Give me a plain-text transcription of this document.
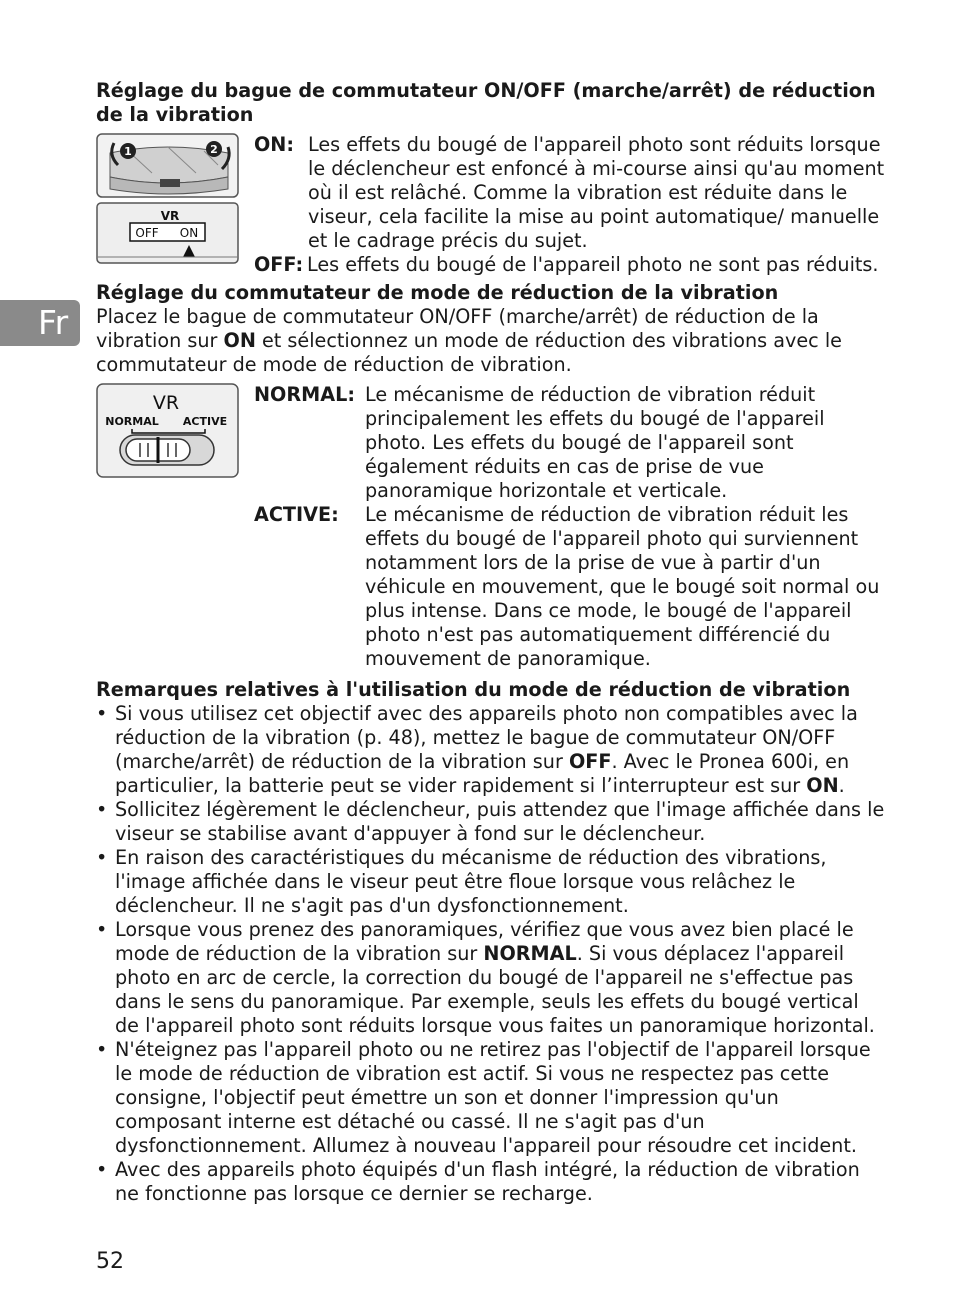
Fr

Réglage du bague de commutateur ON/OFF (marche/arrêt) de réduction de la vibration

1	2
VR
OFF ON
ON: Les effets du bougé de l'appareil photo sont réduits lorsque le déclencheur est enfoncé à mi-course ainsi qu'au moment où il est relâché. Comme la vibration est réduite dans le viseur, cela facilite la mise au point automatique/ manuelle et le cadrage précis du sujet.
OFF: Les effets du bougé de l'appareil photo ne sont pas réduits.

Réglage du commutateur de mode de réduction de la vibration

Placez le bague de commutateur ON/OFF (marche/arrêt) de réduction de la vibration sur ON et sélectionnez un mode de réduction des vibrations avec le commutateur de mode de réduction de vibration.

VR
NORMAL ACTIVE
NORMAL: Le mécanisme de réduction de vibration réduit principalement les effets du bougé de l'appareil photo. Les effets du bougé de l'appareil sont également réduits en cas de prise de vue panoramique horizontale et verticale.
ACTIVE:	Le mécanisme de réduction de vibration réduit les effets du bougé de l'appareil photo qui surviennent notamment lors de la prise de vue à partir d'un véhicule en mouvement, que le bougé soit normal ou plus intense. Dans ce mode, le bougé de l'appareil photo n'est pas automatiquement différencié du mouvement de panoramique.

Remarques relatives à l'utilisation du mode de réduction de vibration

• Si vous utilisez cet objectif avec des appareils photo non compatibles avec la réduction de la vibration (p. 48), mettez le bague de commutateur ON/OFF (marche/arrêt) de réduction de la vibration sur OFF. Avec le Pronea 600i, en particulier, la batterie peut se vider rapidement si l’interrupteur est sur ON.
• Sollicitez légèrement le déclencheur, puis attendez que l'image affichée dans le viseur se stabilise avant d'appuyer à fond sur le déclencheur.
• En raison des caractéristiques du mécanisme de réduction des vibrations, l'image affichée dans le viseur peut être floue lorsque vous relâchez le déclencheur. Il ne s'agit pas d'un dysfonctionnement.
• Lorsque vous prenez des panoramiques, vérifiez que vous avez bien placé le mode de réduction de la vibration sur NORMAL. Si vous déplacez l'appareil photo en arc de cercle, la correction du bougé de l'appareil ne s'effectue pas dans le sens du panoramique. Par exemple, seuls les effets du bougé vertical de l'appareil photo sont réduits lorsque vous faites un panoramique horizontal.
• N'éteignez pas l'appareil photo ou ne retirez pas l'objectif de l'appareil lorsque le mode de réduction de vibration est actif. Si vous ne respectez pas cette consigne, l'objectif peut émettre un son et donner l'impression qu'un composant interne est détaché ou cassé. Il ne s'agit pas d'un dysfonctionnement. Allumez à nouveau l'appareil pour résoudre cet incident.
• Avec des appareils photo équipés d'un flash intégré, la réduction de vibration ne fonctionne pas lorsque ce dernier se recharge.
52
